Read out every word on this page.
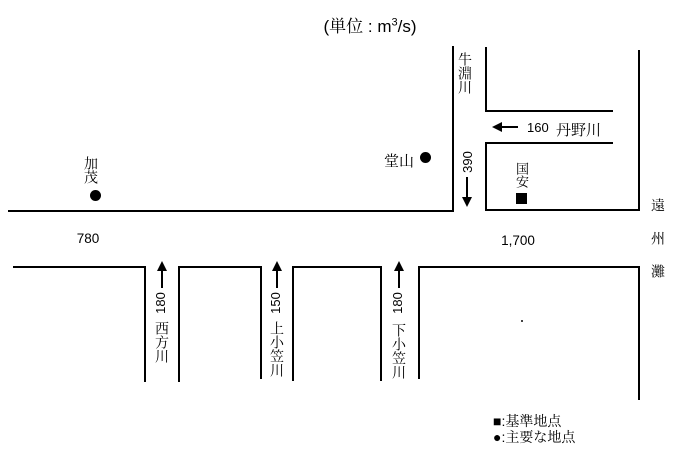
(単位 : $m^3/s$)
牛淵川
丹野川
西方川	上小笠川	下小笠川
遠州灘
390
160
180	150	180
780	1,700
加茂	堂山
国安
■:基準地点
●:主要な地点
